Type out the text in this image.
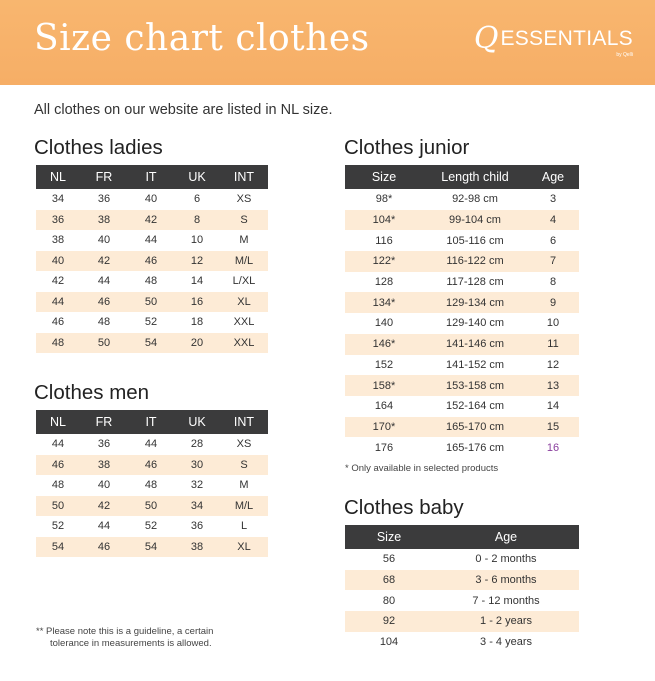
Size chart clothes	Q ESSENTIALS
by Qelli
All clothes on our website are listed in NL size.
Clothes ladies
NL	FR	IT	UK	INT
34	36	40	6	XS
36	38	42	8	S
38	40	44	10	M
40	42	46	12	M/L
42	44	48	14	L/XL
44	46	50	16	XL
46	48	52	18	XXL
48	50	54	20	XXL
Clothes men
NL	FR	IT	UK	INT
44	36	44	28	XS
46	38	46	30	S
48	40	48	32	M
50	42	50	34	M/L
52	44	52	36	L
54	46	54	38	XL
Clothes junior
Size	Length child	Age
98*	92-98 cm	3
104*	99-104 cm	4
116	105-116 cm	6
122*	116-122 cm	7
128	117-128 cm	8
134*	129-134 cm	9
140	129-140 cm	10
146*	141-146 cm	11
152	141-152 cm	12
158*	153-158 cm	13
164	152-164 cm	14
170*	165-170 cm	15
176	165-176 cm	16
* Only available in selected products
Clothes baby
Size	Age
56	0 - 2 months
68	3 - 6 months
80	7 - 12 months
92	1 - 2 years
104	3 - 4 years
** Please note this is a guideline, a certain
tolerance in measurements is allowed.
